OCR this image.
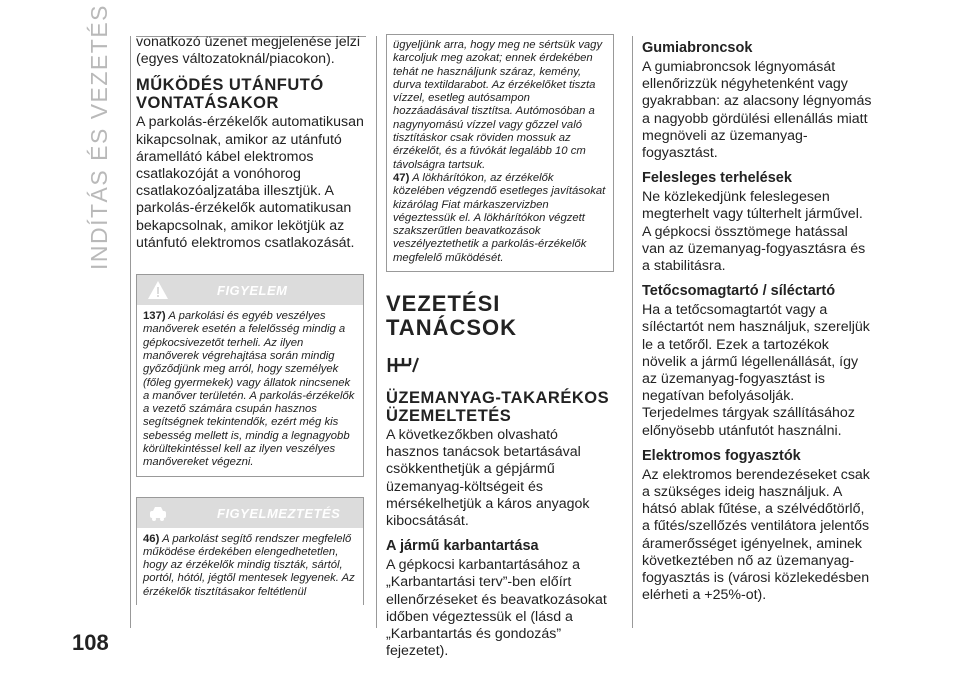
INDÍTÁS ÉS VEZETÉS
108

vonatkozó üzenet megjelenése jelzi (egyes változatoknál/piacokon).

MŰKÖDÉS UTÁNFUTÓ VONTATÁSAKOR

A parkolás-érzékelők automatikusan kikapcsolnak, amikor az utánfutó áramellátó kábel elektromos csatlakozóját a vonóhorog csatlakozóaljzatába illesztjük. A parkolás-érzékelők automatikusan bekapcsolnak, amikor lekötjük az utánfutó elektromos csatlakozását.

FIGYELEM

137) A parkolási és egyéb veszélyes manőverek esetén a felelősség mindig a gépkocsivezetőt terheli. Az ilyen manőverek végrehajtása során mindig győződjünk meg arról, hogy személyek (főleg gyermekek) vagy állatok nincsenek a manőver területén. A parkolás-érzékelők a vezető számára csupán hasznos segítségnek tekintendők, ezért még kis sebesség mellett is, mindig a legnagyobb körültekintéssel kell az ilyen veszélyes manővereket végezni.

FIGYELMEZTETÉS

46) A parkolást segítő rendszer megfelelő működése érdekében elengedhetetlen, hogy az érzékelők mindig tiszták, sártól, portól, hótól, jégtől mentesek legyenek. Az érzékelők tisztításakor feltétlenül

ügyeljünk arra, hogy meg ne sértsük vagy karcoljuk meg azokat; ennek érdekében tehát ne használjunk száraz, kemény, durva textildarabot. Az érzékelőket tiszta vízzel, esetleg autósampon hozzáadásával tisztítsa. Autómosóban a nagynyomású vízzel vagy gőzzel való tisztításkor csak röviden mossuk az érzékelőt, és a fúvókát legalább 10 cm távolságra tartsuk.

47) A lökhárítókon, az érzékelők közelében végzendő esetleges javításokat kizárólag Fiat márkaszervizben végeztessük el. A lökhárítókon végzett szakszerűtlen beavatkozások veszélyeztethetik a parkolás-érzékelők megfelelő működését.

VEZETÉSI TANÁCSOK
ÜZEMANYAG-TAKARÉKOS ÜZEMELTETÉS

A következőkben olvasható hasznos tanácsok betartásával csökkenthetjük a gépjármű üzemanyag-költségeit és mérsékelhetjük a káros anyagok kibocsátását.

A jármű karbantartása

A gépkocsi karbantartásához a „Karbantartási terv”-ben előírt ellenőrzéseket és beavatkozásokat időben végeztessük el (lásd a „Karbantartás és gondozás” fejezetet).

Gumiabroncsok

A gumiabroncsok légnyomását ellenőrizzük négyhetenként vagy gyakrabban: az alacsony légnyomás a nagyobb gördülési ellenállás miatt megnöveli az üzemanyag-fogyasztást.

Felesleges terhelések

Ne közlekedjünk feleslegesen megterhelt vagy túlterhelt járművel. A gépkocsi össztömege hatással van az üzemanyag-fogyasztásra és a stabilitásra.

Tetőcsomagtartó / síléctartó

Ha a tetőcsomagtartót vagy a síléctartót nem használjuk, szereljük le a tetőről. Ezek a tartozékok növelik a jármű légellenállását, így az üzemanyag-fogyasztást is negatívan befolyásolják. Terjedelmes tárgyak szállításához előnyösebb utánfutót használni.

Elektromos fogyasztók

Az elektromos berendezéseket csak a szükséges ideig használjuk. A hátsó ablak fűtése, a szélvédőtörlő, a fűtés/szellőzés ventilátora jelentős áramerősséget igényelnek, aminek következtében nő az üzemanyag-fogyasztás is (városi közlekedésben elérheti a +25%-ot).
